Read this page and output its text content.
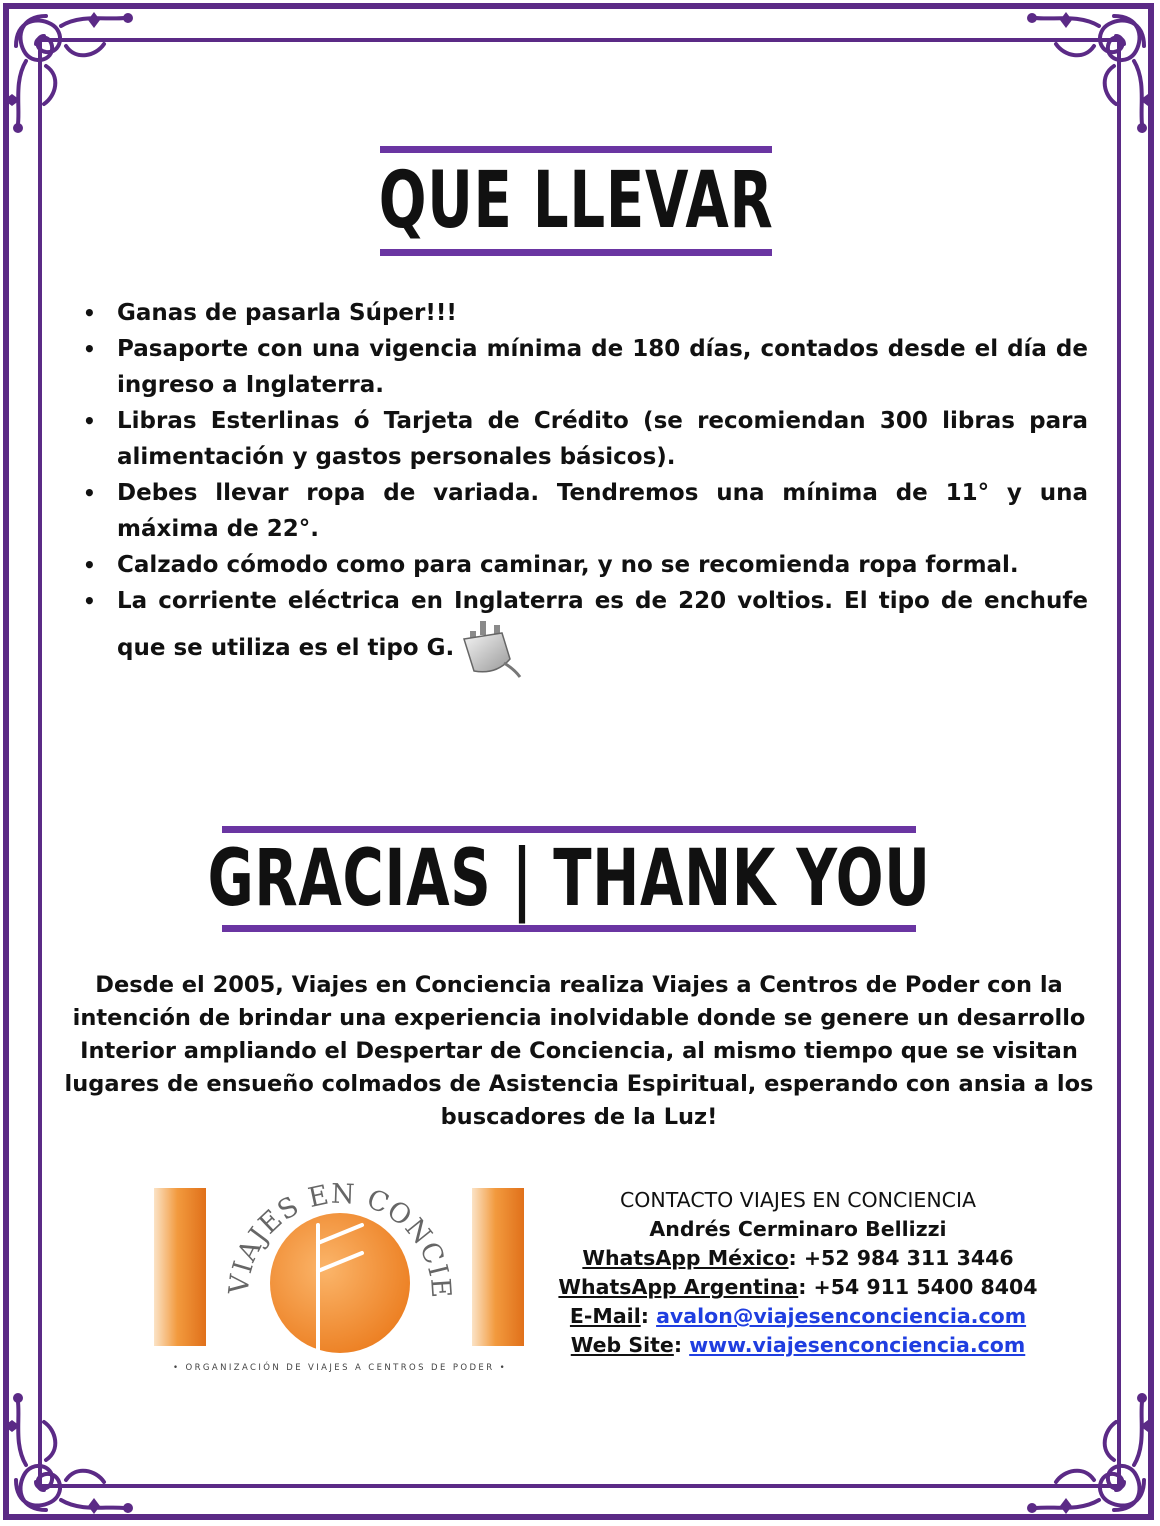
QUE LLEVAR
• Ganas de pasarla Súper!!!
• Pasaporte con una vigencia mínima de 180 días, contados desde el día de ingreso a Inglaterra.
• Libras Esterlinas ó Tarjeta de Crédito (se recomiendan 300 libras para alimentación y gastos personales básicos).
• Debes llevar ropa de variada. Tendremos una mínima de 11° y una máxima de 22°.
• Calzado cómodo como para caminar, y no se recomienda ropa formal.
• La corriente eléctrica en Inglaterra es de 220 voltios. El tipo de enchufe que se utiliza es el tipo G.
GRACIAS | THANK YOU

Desde el 2005, Viajes en Conciencia realiza Viajes a Centros de Poder con la intención de brindar una experiencia inolvidable donde se genere un desarrollo Interior ampliando el Despertar de Conciencia, al mismo tiempo que se visitan lugares de ensueño colmados de Asistencia Espiritual, esperando con ansia a los buscadores de la Luz!

VIAJES EN CONCIE
• ORGANIZACIÓN DE VIAJES A CENTROS DE PODER •
CONTACTO VIAJES EN CONCIENCIA
Andrés Cerminaro Bellizzi
WhatsApp México: +52 984 311 3446
WhatsApp Argentina: +54 911 5400 8404
E-Mail: avalon@viajesenconciencia.com
Web Site: www.viajesenconciencia.com
